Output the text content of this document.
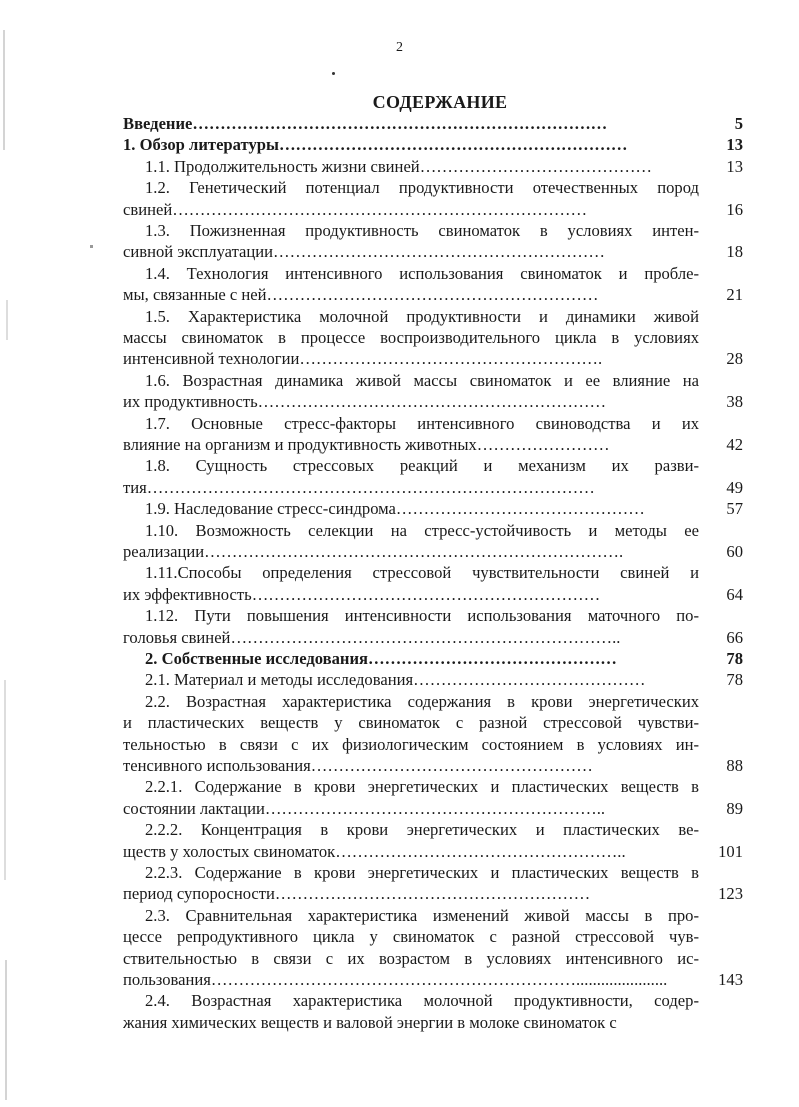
2
СОДЕРЖАНИЕ
Введение…………………………………………………………………	5
1. Обзор литературы………………………………………………………	13
1.1. Продолжительность жизни свиней……………………………………	13
1.2. Генетический потенциал продуктивности отечественных пород
свиней…………………………………………………………………	16
1.3. Пожизненная продуктивность свиноматок в условиях интен-
сивной эксплуатации……………………………………………………	18
1.4. Технология интенсивного использования свиноматок и пробле-
мы, связанные с ней……………………………………………………	21
1.5. Характеристика молочной продуктивности и динамики живой
массы свиноматок в процессе воспроизводительного цикла в условиях
интенсивной технологии……………………………………………….	28
1.6. Возрастная динамика живой массы свиноматок и ее влияние на
их продуктивность………………………………………………………	38
1.7. Основные стресс-факторы интенсивного свиноводства и их
влияние на организм и продуктивность животных……………………	42
1.8. Сущность стрессовых реакций и механизм их разви-
тия………………………………………………………………………	49
1.9. Наследование стресс-синдрома………………………………………	57
1.10. Возможность селекции на стресс-устойчивость и методы ее
реализации………………………………………………………………….	60
1.11.Способы определения стрессовой чувствительности свиней и
их эффективность………………………………………………………	64
1.12. Пути повышения интенсивности использования маточного по-
головья свиней……………………………………………………………..	66
2. Собственные исследования………………………………………	78
2.1. Материал и методы исследования……………………………………	78
2.2. Возрастная характеристика содержания в крови энергетических
и пластических веществ у свиноматок с разной стрессовой чувстви-
тельностью в связи с их физиологическим состоянием в условиях ин-
тенсивного использования……………………………………………	88
2.2.1. Содержание в крови энергетических и пластических веществ в
состоянии лактации……………………………………………………..	89
2.2.2. Концентрация в крови энергетических и пластических ве-
ществ у холостых свиноматок……………………………………………..	101
2.2.3. Содержание в крови энергетических и пластических веществ в
период супоросности…………………………………………………	123
2.3. Сравнительная характеристика изменений живой массы в про-
цессе репродуктивного цикла у свиноматок с разной стрессовой чув-
ствительностью в связи с их возрастом в условиях интенсивного ис-
пользования…………………………………………………………......................	143
2.4. Возрастная характеристика молочной продуктивности, содер-
жания химических веществ и валовой энергии в молоке свиноматок с
